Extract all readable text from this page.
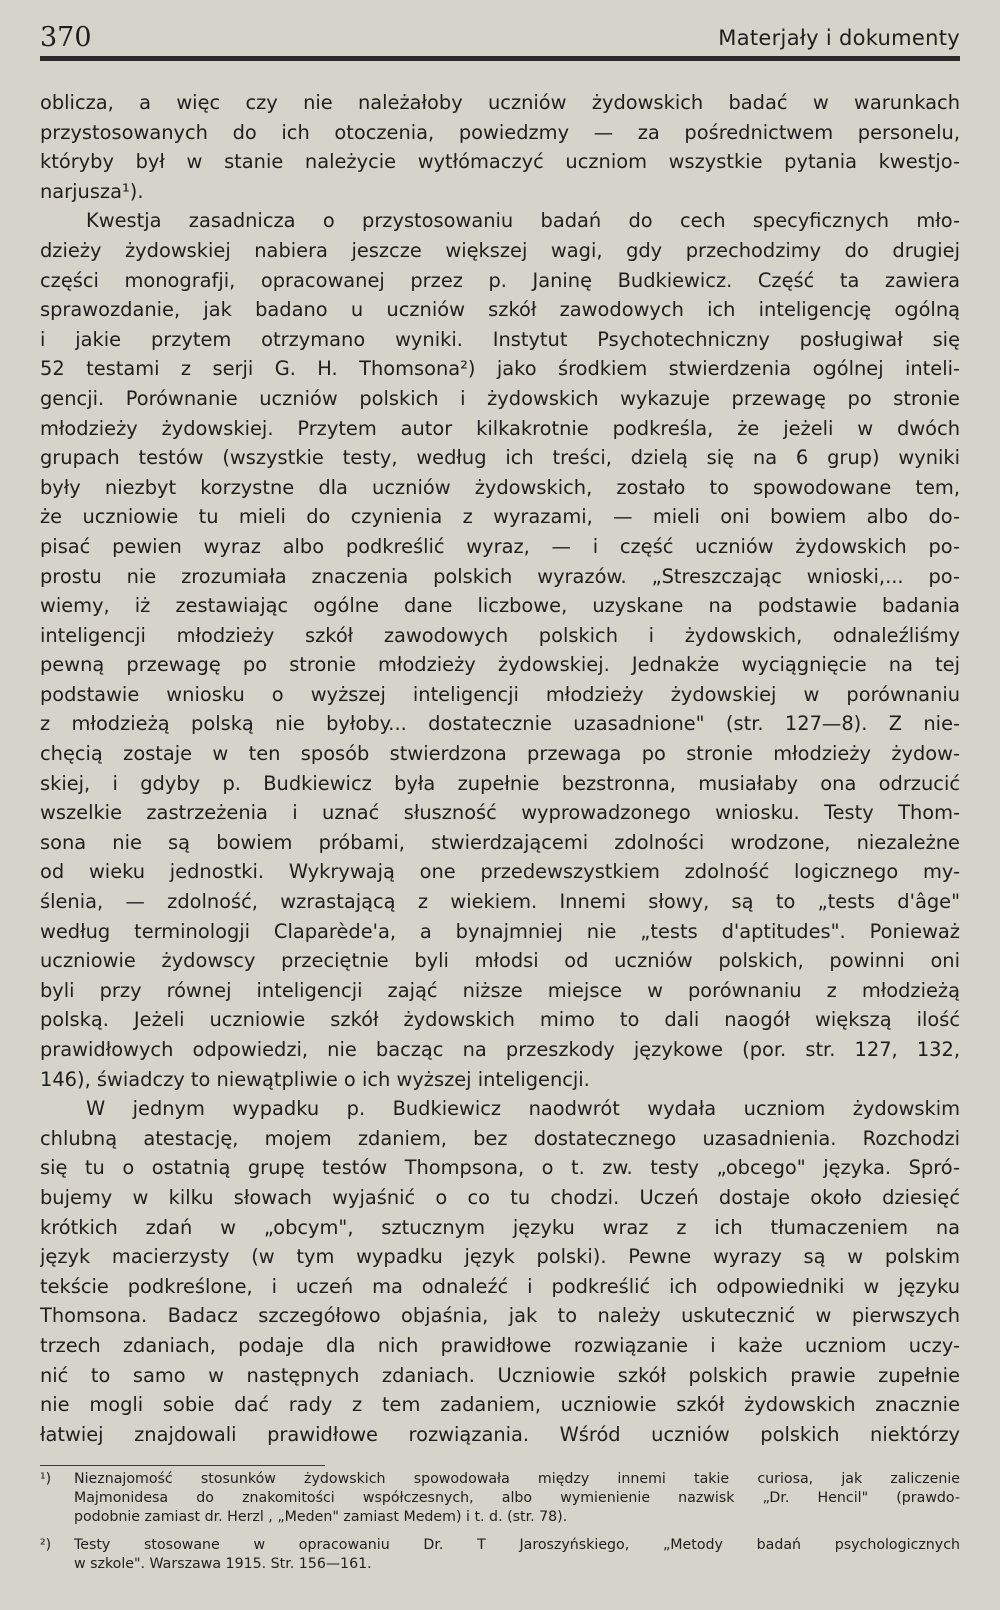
370	Materjały i dokumenty
oblicza, a więc czy nie należałoby uczniów żydowskich badać w warunkach
przystosowanych do ich otoczenia, powiedzmy — za pośrednictwem personelu,
któryby był w stanie należycie wytłómaczyć uczniom wszystkie pytania kwestjo-
narjusza¹).
Kwestja zasadnicza o przystosowaniu badań do cech specyficznych mło-
dzieży żydowskiej nabiera jeszcze większej wagi, gdy przechodzimy do drugiej
części monografji, opracowanej przez p. Janinę Budkiewicz. Część ta zawiera
sprawozdanie, jak badano u uczniów szkół zawodowych ich inteligencję ogólną
i jakie przytem otrzymano wyniki. Instytut Psychotechniczny posługiwał się
52 testami z serji G. H. Thomsona²) jako środkiem stwierdzenia ogólnej inteli-
gencji. Porównanie uczniów polskich i żydowskich wykazuje przewagę po stronie
młodzieży żydowskiej. Przytem autor kilkakrotnie podkreśla, że jeżeli w dwóch
grupach testów (wszystkie testy, według ich treści, dzielą się na 6 grup) wyniki
były niezbyt korzystne dla uczniów żydowskich, zostało to spowodowane tem,
że uczniowie tu mieli do czynienia z wyrazami, — mieli oni bowiem albo do-
pisać pewien wyraz albo podkreślić wyraz, — i część uczniów żydowskich po-
prostu nie zrozumiała znaczenia polskich wyrazów. „Streszczając wnioski,... po-
wiemy, iż zestawiając ogólne dane liczbowe, uzyskane na podstawie badania
inteligencji młodzieży szkół zawodowych polskich i żydowskich, odnaleźliśmy
pewną przewagę po stronie młodzieży żydowskiej. Jednakże wyciągnięcie na tej
podstawie wniosku o wyższej inteligencji młodzieży żydowskiej w porównaniu
z młodzieżą polską nie byłoby... dostatecznie uzasadnione" (str. 127—8). Z nie-
chęcią zostaje w ten sposób stwierdzona przewaga po stronie młodzieży żydow-
skiej, i gdyby p. Budkiewicz była zupełnie bezstronna, musiałaby ona odrzucić
wszelkie zastrzeżenia i uznać słuszność wyprowadzonego wniosku. Testy Thom-
sona nie są bowiem próbami, stwierdzającemi zdolności wrodzone, niezależne
od wieku jednostki. Wykrywają one przedewszystkiem zdolność logicznego my-
ślenia, — zdolność, wzrastającą z wiekiem. Innemi słowy, są to „tests d'âge"
według terminologji Claparède'a, a bynajmniej nie „tests d'aptitudes". Ponieważ
uczniowie żydowscy przeciętnie byli młodsi od uczniów polskich, powinni oni
byli przy równej inteligencji zająć niższe miejsce w porównaniu z młodzieżą
polską. Jeżeli uczniowie szkół żydowskich mimo to dali naogół większą ilość
prawidłowych odpowiedzi, nie bacząc na przeszkody językowe (por. str. 127, 132,
146), świadczy to niewątpliwie o ich wyższej inteligencji.
W jednym wypadku p. Budkiewicz naodwrót wydała uczniom żydowskim
chlubną atestację, mojem zdaniem, bez dostatecznego uzasadnienia. Rozchodzi
się tu o ostatnią grupę testów Thompsona, o t. zw. testy „obcego" języka. Spró-
bujemy w kilku słowach wyjaśnić o co tu chodzi. Uczeń dostaje około dziesięć
krótkich zdań w „obcym", sztucznym języku wraz z ich tłumaczeniem na
język macierzysty (w tym wypadku język polski). Pewne wyrazy są w polskim
tekście podkreślone, i uczeń ma odnaleźć i podkreślić ich odpowiedniki w języku
Thomsona. Badacz szczegółowo objaśnia, jak to należy uskutecznić w pierwszych
trzech zdaniach, podaje dla nich prawidłowe rozwiązanie i każe uczniom uczy-
nić to samo w następnych zdaniach. Uczniowie szkół polskich prawie zupełnie
nie mogli sobie dać rady z tem zadaniem, uczniowie szkół żydowskich znacznie
łatwiej znajdowali prawidłowe rozwiązania. Wśród uczniów polskich niektórzy
¹) Nieznajomość stosunków żydowskich spowodowała między innemi takie curiosa, jak zaliczenie
Majmonidesa do znakomitości współczesnych, albo wymienienie nazwisk „Dr. Hencil" (prawdo-
podobnie zamiast dr. Herzl , „Meden" zamiast Medem) i t. d. (str. 78).
²) Testy stosowane w opracowaniu Dr. T Jaroszyńskiego, „Metody badań psychologicznych
w szkole". Warszawa 1915. Str. 156—161.
